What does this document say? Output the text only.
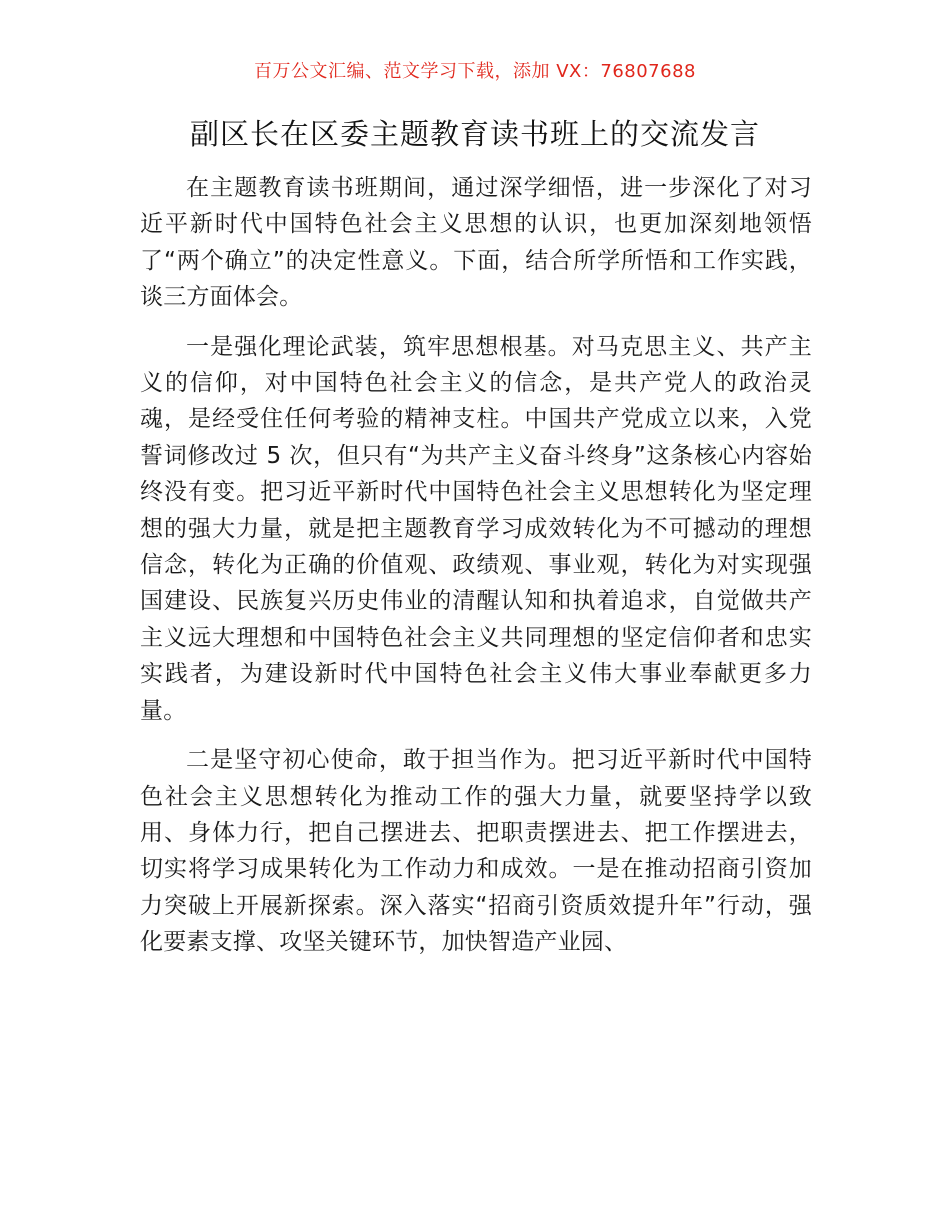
百万公文汇编、范文学习下载，添加 VX：76807688
副区长在区委主题教育读书班上的交流发言

在主题教育读书班期间，通过深学细悟，进一步深化了对习近平新时代中国特色社会主义思想的认识，也更加深刻地领悟了“两个确立”的决定性意义。下面，结合所学所悟和工作实践，谈三方面体会。

一是强化理论武装，筑牢思想根基。对马克思主义、共产主义的信仰，对中国特色社会主义的信念，是共产党人的政治灵魂，是经受住任何考验的精神支柱。中国共产党成立以来，入党誓词修改过 5 次，但只有“为共产主义奋斗终身”这条核心内容始终没有变。把习近平新时代中国特色社会主义思想转化为坚定理想的强大力量，就是把主题教育学习成效转化为不可撼动的理想信念，转化为正确的价值观、政绩观、事业观，转化为对实现强国建设、民族复兴历史伟业的清醒认知和执着追求，自觉做共产主义远大理想和中国特色社会主义共同理想的坚定信仰者和忠实实践者，为建设新时代中国特色社会主义伟大事业奉献更多力量。

二是坚守初心使命，敢于担当作为。把习近平新时代中国特色社会主义思想转化为推动工作的强大力量，就要坚持学以致用、身体力行，把自己摆进去、把职责摆进去、把工作摆进去，切实将学习成果转化为工作动力和成效。一是在推动招商引资加力突破上开展新探索。深入落实“招商引资质效提升年”行动，强化要素支撑、攻坚关键环节，加快智造产业园、
